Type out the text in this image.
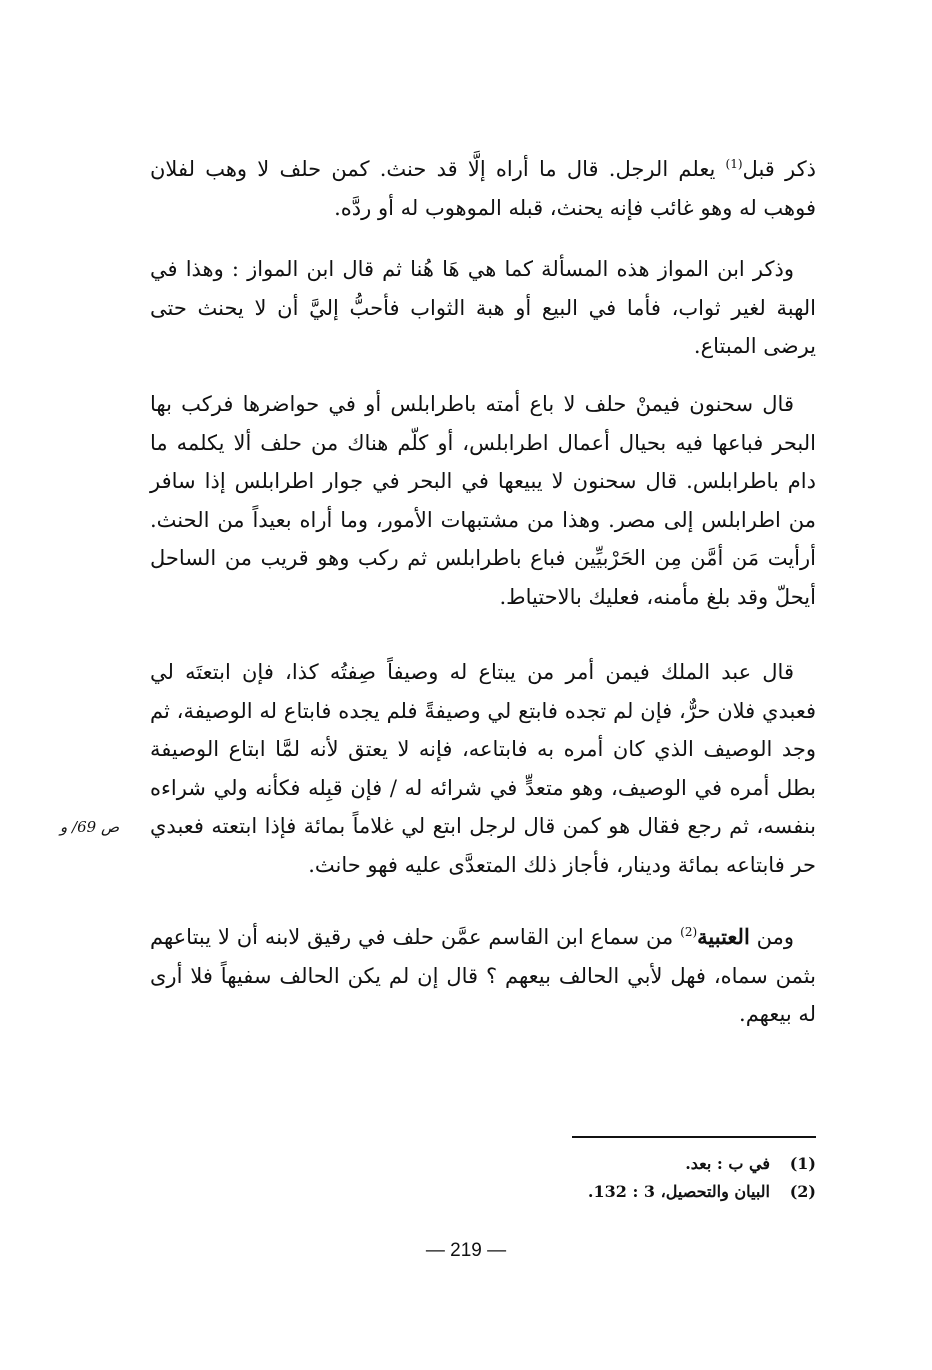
ذكر قبل$^{(1)}$ يعلم الرجل. قال ما أراه إلَّا قد حنث. كمن حلف لا وهب لفلان فوهب له وهو غائب فإنه يحنث، قبله الموهوب له أو ردَّه.

وذكر ابن المواز هذه المسألة كما هي هَا هُنا ثم قال ابن المواز : وهذا في الهبة لغير ثواب، فأما في البيع أو هبة الثواب فأحبُّ إليَّ أن لا يحنث حتى يرضى المبتاع.

قال سحنون فيمنْ حلف لا باع أمته باطرابلس أو في حواضرها فركب بها البحر فباعها فيه بحيال أعمال اطرابلس، أو كلّم هناك من حلف ألا يكلمه ما دام باطرابلس. قال سحنون لا يبيعها في البحر في جوار اطرابلس إذا سافر من اطرابلس إلى مصر. وهذا من مشتبهات الأمور، وما أراه بعيداً من الحنث. أرأيت مَن أمَّن مِن الحَرْبيِّين فباع باطرابلس ثم ركب وهو قريب من الساحل أيحلّ وقد بلغ مأمنه، فعليك بالاحتياط.

قال عبد الملك فيمن أمر من يبتاع له وصيفاً صِفتُه كذا، فإن ابتعتَه لي فعبدي فلان حرٌّ، فإن لم تجده فابتع لي وصيفةً فلم يجده فابتاع له الوصيفة، ثم وجد الوصيف الذي كان أمره به فابتاعه، فإنه لا يعتق لأنه لمَّا ابتاع الوصيفة بطل أمره في الوصيف، وهو متعدٍّ في شرائه له / فإن قبِله فكأنه ولي شراءه بنفسه، ثم رجع فقال هو كمن قال لرجل ابتع لي غلاماً بمائة فإذا ابتعته فعبدي حر فابتاعه بمائة ودينار، فأجاز ذلك المتعدَّى عليه فهو حانث.

ومن العتبية$^{(2)}$ من سماع ابن القاسم عمَّن حلف في رقيق لابنه أن لا يبتاعهم بثمن سماه، فهل لأبي الحالف بيعهم ؟ قال إن لم يكن الحالف سفيهاً فلا أرى له بيعهم.

ص 69/ و
(1)في ب : بعد.
(2)البيان والتحصيل، 3 : 132.
— 219 —
